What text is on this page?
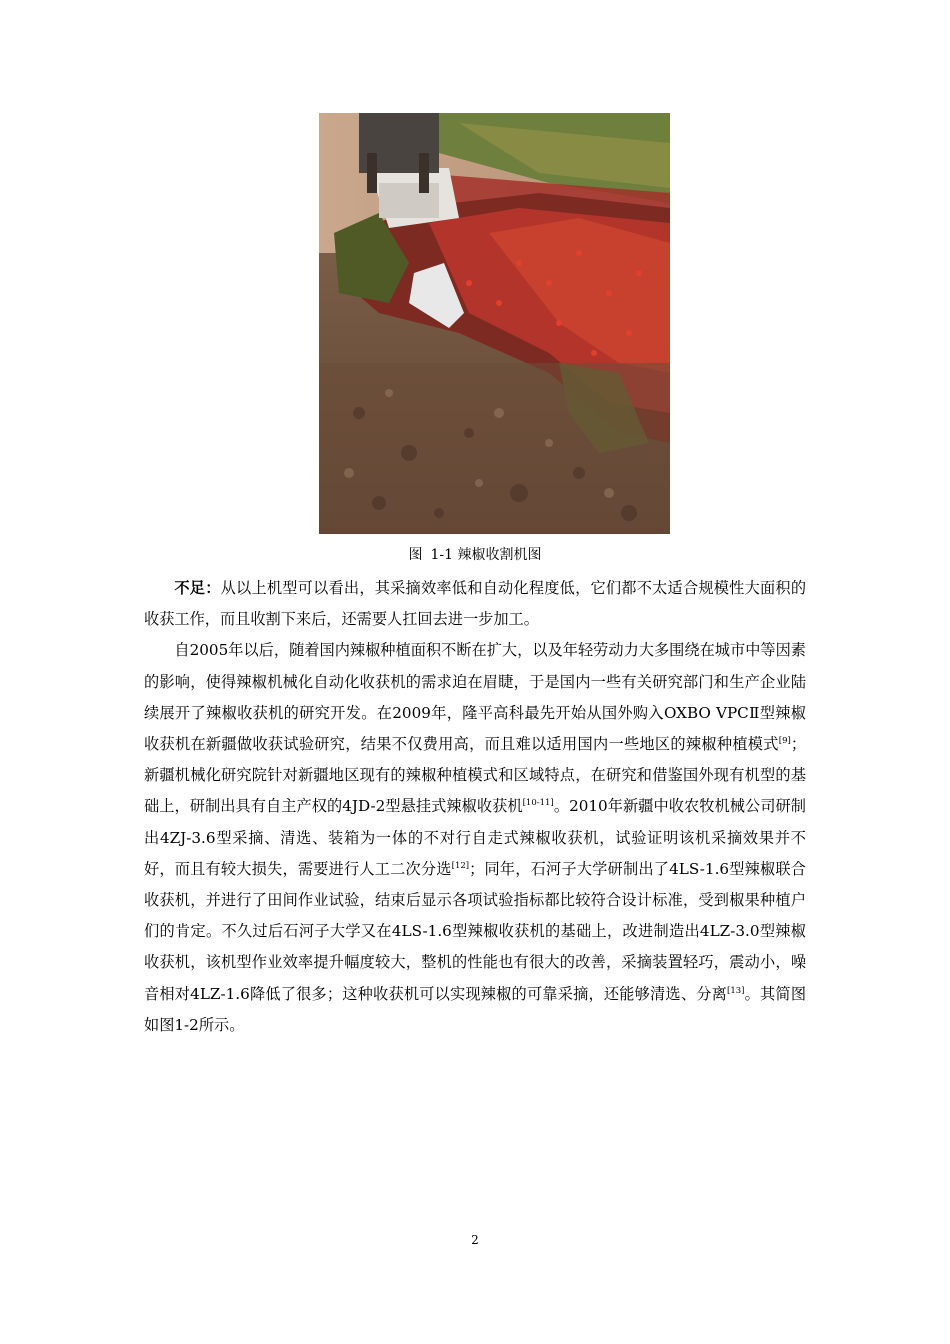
图 1-1 辣椒收割机图

不足：从以上机型可以看出，其采摘效率低和自动化程度低，它们都不太适合规模性大面积的收获工作，而且收割下来后，还需要人扛回去进一步加工。

自2005年以后，随着国内辣椒种植面积不断在扩大，以及年轻劳动力大多围绕在城市中等因素的影响，使得辣椒机械化自动化收获机的需求迫在眉睫，于是国内一些有关研究部门和生产企业陆续展开了辣椒收获机的研究开发。在2009年，隆平高科最先开始从国外购入OXBO VPCⅡ型辣椒收获机在新疆做收获试验研究，结果不仅费用高，而且难以适用国内一些地区的辣椒种植模式[9]；新疆机械化研究院针对新疆地区现有的辣椒种植模式和区域特点，在研究和借鉴国外现有机型的基础上，研制出具有自主产权的4JD-2型悬挂式辣椒收获机[10-11]。2010年新疆中收农牧机械公司研制出4ZJ-3.6型采摘、清选、装箱为一体的不对行自走式辣椒收获机，试验证明该机采摘效果并不好，而且有较大损失，需要进行人工二次分选[12]；同年，石河子大学研制出了4LS-1.6型辣椒联合收获机，并进行了田间作业试验，结束后显示各项试验指标都比较符合设计标准，受到椒果种植户们的肯定。不久过后石河子大学又在4LS-1.6型辣椒收获机的基础上，改进制造出4LZ-3.0型辣椒收获机，该机型作业效率提升幅度较大，整机的性能也有很大的改善，采摘装置轻巧，震动小，噪音相对4LZ-1.6降低了很多；这种收获机可以实现辣椒的可靠采摘，还能够清选、分离[13]。其简图如图1-2所示。

2
